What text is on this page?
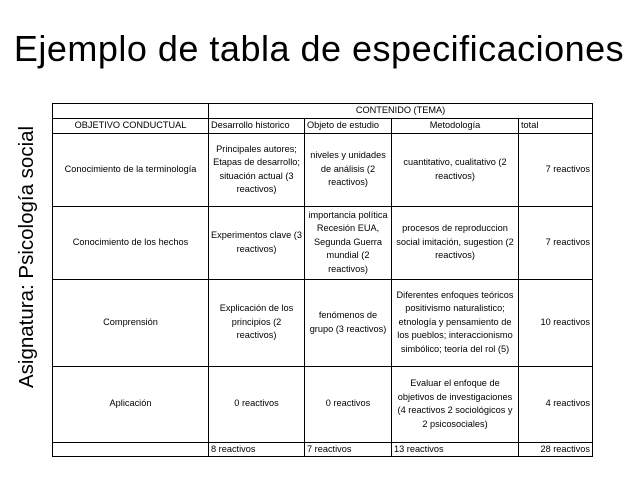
Ejemplo de tabla de especificaciones
Asignatura: Psicología social
	CONTENIDO (TEMA)			
OBJETIVO CONDUCTUAL	Desarrollo historico	Objeto de estudio	Metodología	total
Conocimiento de la terminología	Principales autores; Etapas de desarrollo; situación actual (3 reactivos)	niveles y unidades de análisis (2 reactivos)	cuantitativo, cualitativo (2 reactivos)	7 reactivos
Conocimiento de los hechos	Experimentos clave (3 reactivos)	importancia política Recesión EUA, Segunda Guerra mundial (2 reactivos)	procesos de reproduccion social imitación, sugestion (2 reactivos)	7 reactivos
Comprensión	Explicación de los principios (2 reactivos)	fenómenos de grupo (3 reactivos)	Diferentes enfoques teóricos positivismo naturalistico; etnología y pensamiento de los pueblos; interaccionismo simbólico; teoría del rol (5)	10 reactivos
Aplicación	0 reactivos	0 reactivos	Evaluar el enfoque de objetivos de investigaciones (4 reactivos 2 sociológicos y 2 psicosociales)	4 reactivos
	8 reactivos	7 reactivos	13 reactivos	28 reactivos
